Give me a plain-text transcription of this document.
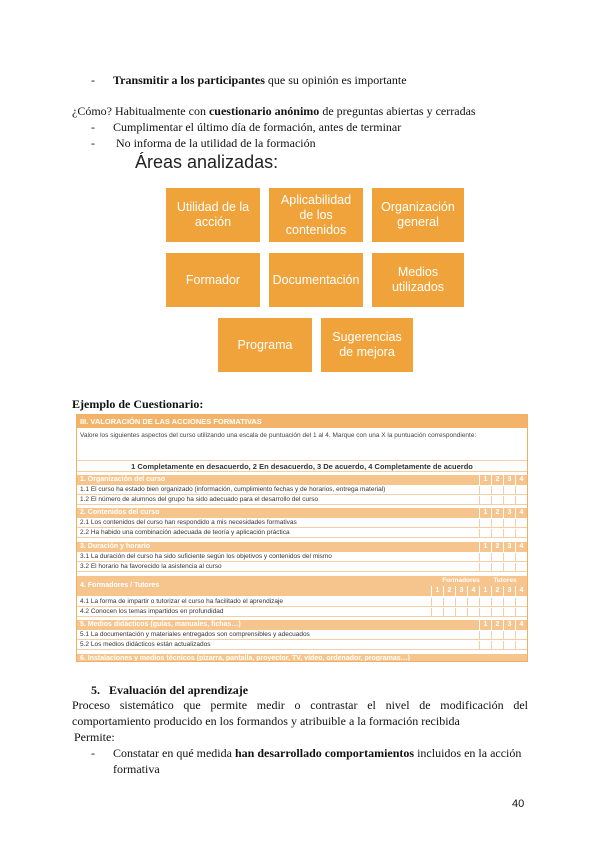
- Transmitir a los participantes que su opinión es importante
¿Cómo? Habitualmente con cuestionario anónimo de preguntas abiertas y cerradas
- Cumplimentar el último día de formación, antes de terminar
- No informa de la utilidad de la formación
Áreas analizadas:
Utilidad de la acción
Aplicabilidad de los contenidos
Organización general
Formador	Documentación
Medios utilizados
Programa
Sugerencias de mejora
Ejemplo de Cuestionario:
III. VALORACIÓN DE LAS ACCIONES FORMATIVAS
Valore los siguientes aspectos del curso utilizando una escala de puntuación del 1 al 4. Marque con una X la puntuación correspondiente:
1 Completamente en desacuerdo, 2 En desacuerdo, 3 De acuerdo, 4 Completamente de acuerdo
1. Organización del curso	1	2	3	4
1.1 El curso ha estado bien organizado (información, cumplimiento fechas y de horarios, entrega material)
1.2 El número de alumnos del grupo ha sido adecuado para el desarrollo del curso
2. Contenidos del curso	1	2	3	4
2.1 Los contenidos del curso han respondido a mis necesidades formativas
2.2 Ha habido una combinación adecuada de teoría y aplicación práctica
3. Duración y horario	1	2	3	4
3.1 La duración del curso ha sido suficiente según los objetivos y contenidos del mismo
3.2 El horario ha favorecido la asistencia al curso
4. Formadores / Tutores
Formadores	Tutores
1	2	3	4	1	2	3	4
4.1 La forma de impartir o tutorizar el curso ha facilitado el aprendizaje
4.2 Conocen los temas impartidos en profundidad
5. Medios didácticos (guías, manuales, fichas…)	1	2	3	4
5.1 La documentación y materiales entregados son comprensibles y adecuados
5.2 Los medios didácticos están actualizados
6. Instalaciones y medios técnicos (pizarra, pantalla, proyector, TV, vídeo, ordenador, programas…)
5. Evaluación del aprendizaje
Proceso sistemático que permite medir o contrastar el nivel de modificación del
comportamiento producido en los formandos y atribuible a la formación recibida
Permite:
- Constatar en qué medida han desarrollado comportamientos incluidos en la acción
formativa
40
